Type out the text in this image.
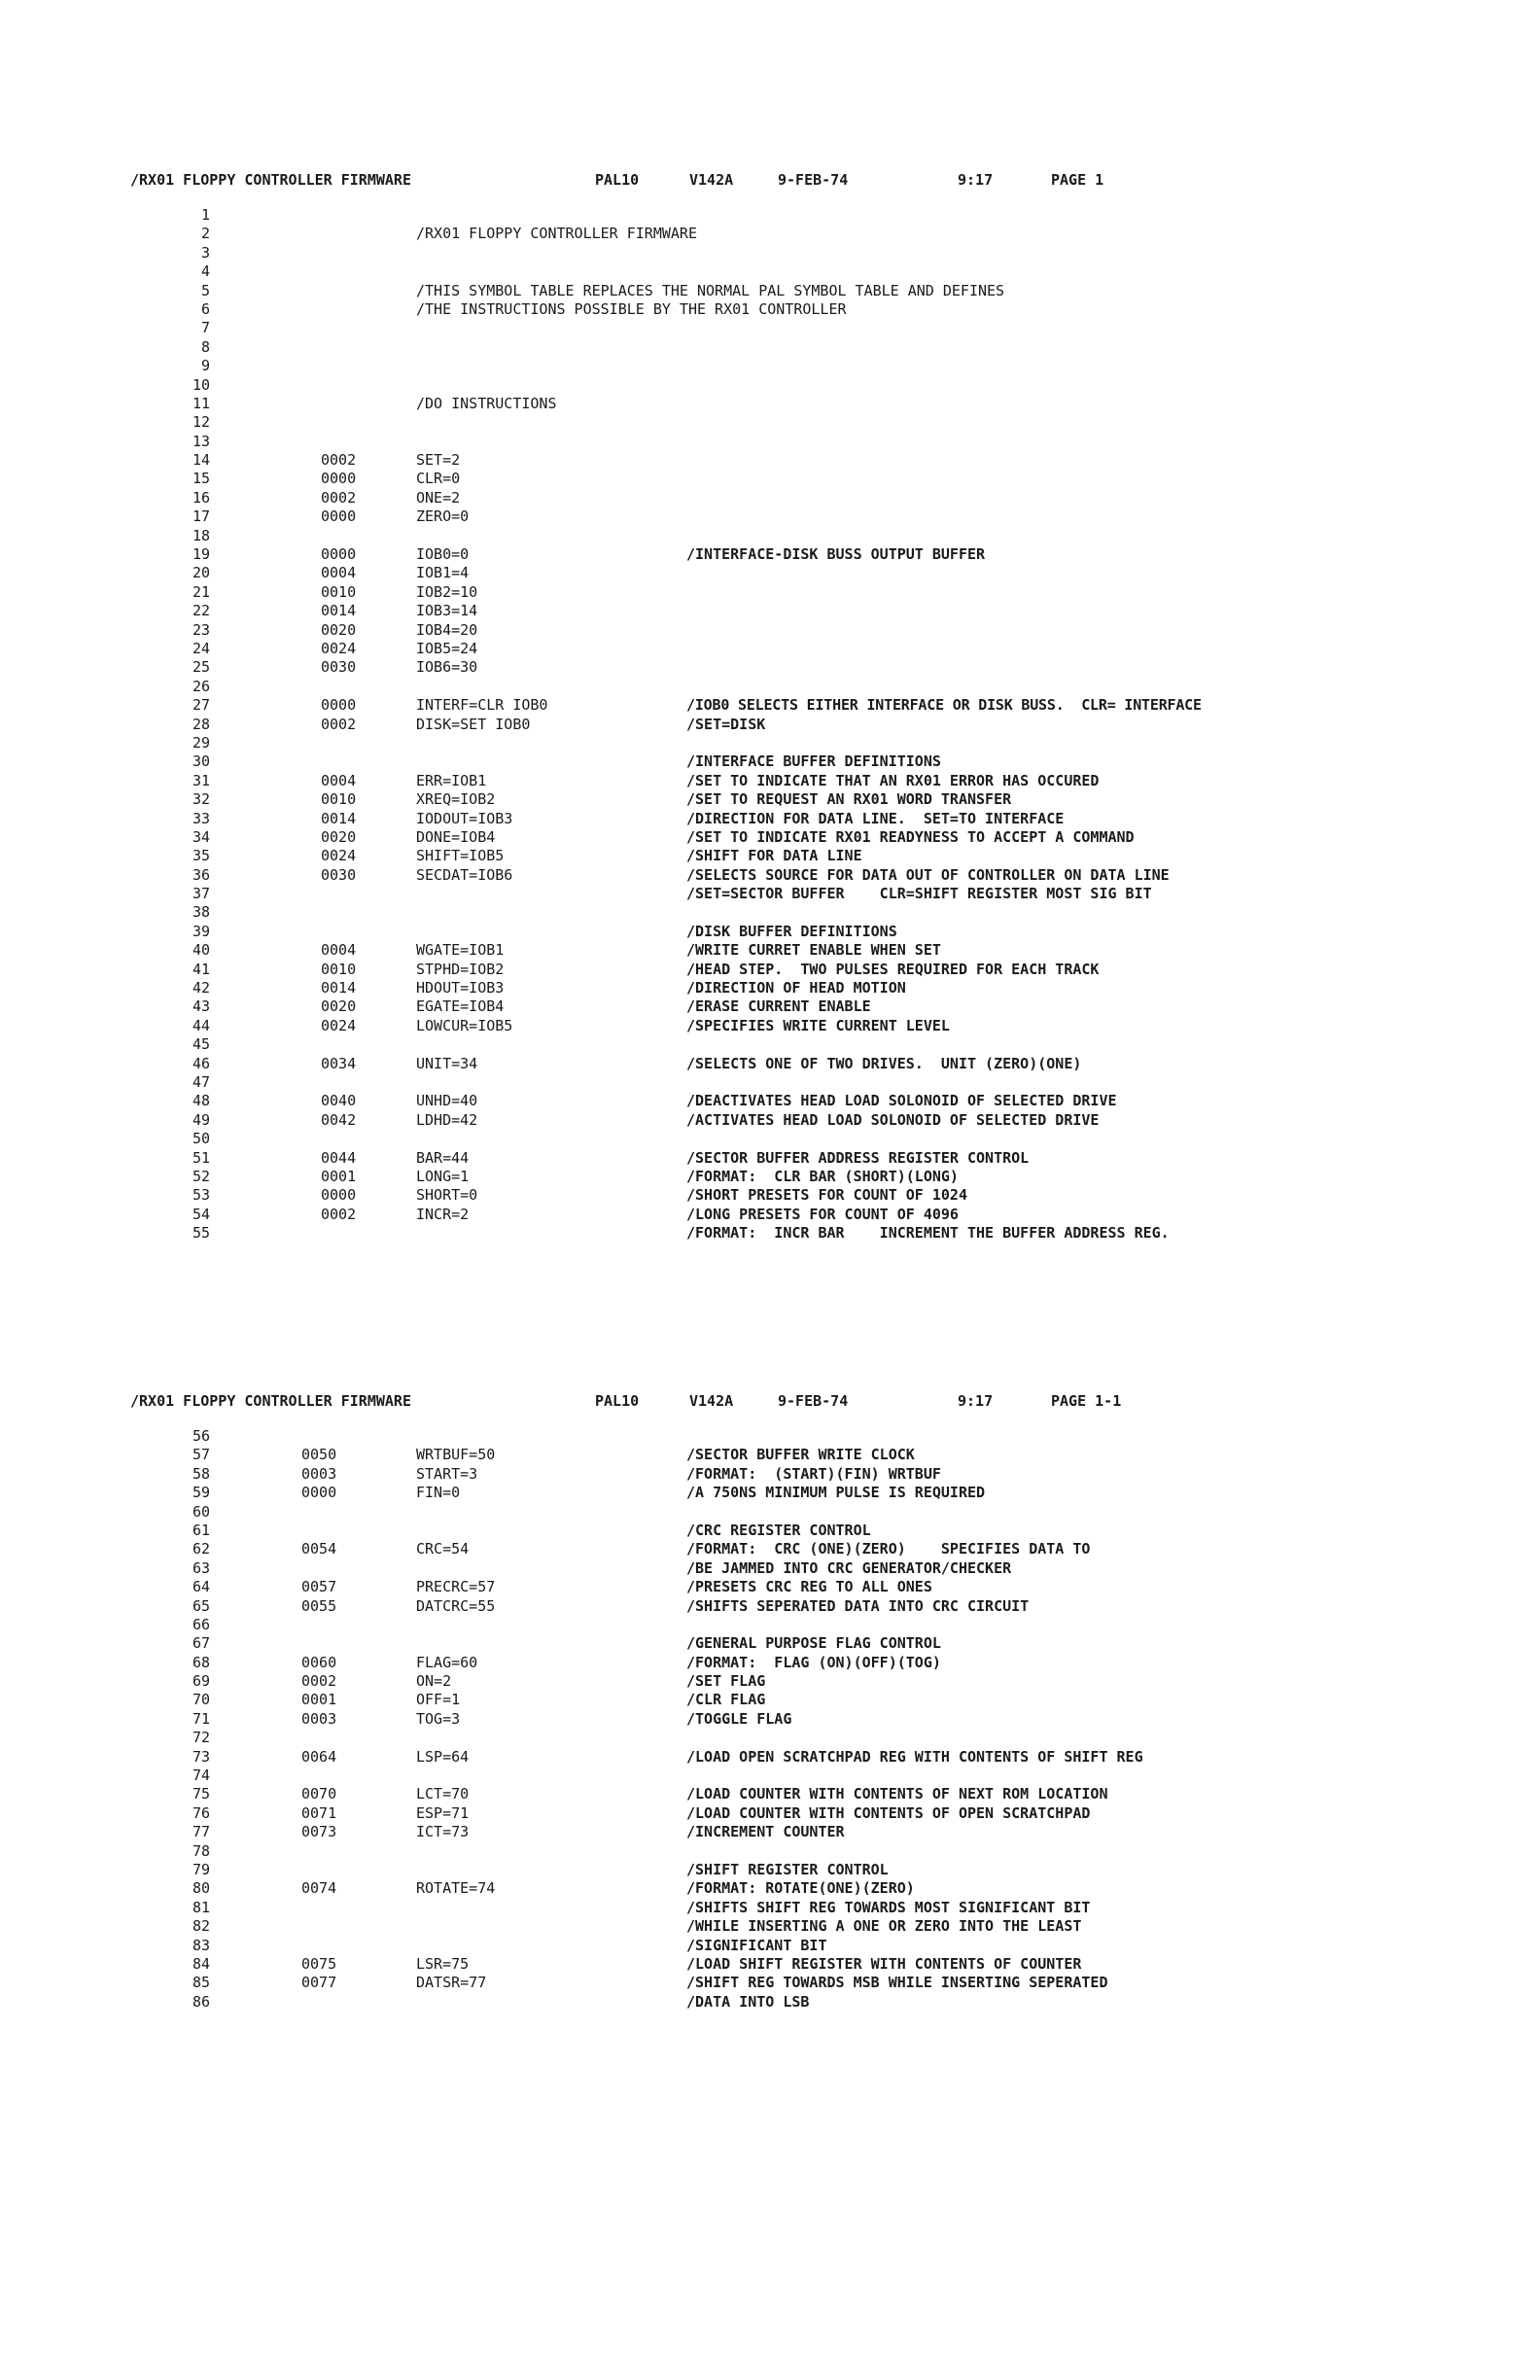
/RX01 FLOPPY CONTROLLER FIRMWARE

	PAL10

	V142A

	9-FEB-74

	9:17

	PAGE 1

1
2	/RX01 FLOPPY CONTROLLER FIRMWARE
3
4
5	/THIS SYMBOL TABLE REPLACES THE NORMAL PAL SYMBOL TABLE AND DEFINES
6	/THE INSTRUCTIONS POSSIBLE BY THE RX01 CONTROLLER
7
8
9
10
11	/DO INSTRUCTIONS
12
13
14	0002	SET=2
15	0000	CLR=0
16	0002	ONE=2
17	0000	ZERO=0
18
19	0000	IOB0=0	/INTERFACE-DISK BUSS OUTPUT BUFFER
20	0004	IOB1=4
21	0010	IOB2=10
22	0014	IOB3=14
23	0020	IOB4=20
24	0024	IOB5=24
25	0030	IOB6=30
26
27	0000	INTERF=CLR IOB0	/IOB0 SELECTS EITHER INTERFACE OR DISK BUSS.  CLR= INTERFACE
28	0002	DISK=SET IOB0	/SET=DISK
29
30	/INTERFACE BUFFER DEFINITIONS
31	0004	ERR=IOB1	/SET TO INDICATE THAT AN RX01 ERROR HAS OCCURED
32	0010	XREQ=IOB2	/SET TO REQUEST AN RX01 WORD TRANSFER
33	0014	IODOUT=IOB3	/DIRECTION FOR DATA LINE.  SET=TO INTERFACE
34	0020	DONE=IOB4	/SET TO INDICATE RX01 READYNESS TO ACCEPT A COMMAND
35	0024	SHIFT=IOB5	/SHIFT FOR DATA LINE
36	0030	SECDAT=IOB6	/SELECTS SOURCE FOR DATA OUT OF CONTROLLER ON DATA LINE
37	/SET=SECTOR BUFFER    CLR=SHIFT REGISTER MOST SIG BIT
38
39	/DISK BUFFER DEFINITIONS
40	0004	WGATE=IOB1	/WRITE CURRET ENABLE WHEN SET
41	0010	STPHD=IOB2	/HEAD STEP.  TWO PULSES REQUIRED FOR EACH TRACK
42	0014	HDOUT=IOB3	/DIRECTION OF HEAD MOTION
43	0020	EGATE=IOB4	/ERASE CURRENT ENABLE
44	0024	LOWCUR=IOB5	/SPECIFIES WRITE CURRENT LEVEL
45
46	0034	UNIT=34	/SELECTS ONE OF TWO DRIVES.  UNIT (ZERO)(ONE)
47
48	0040	UNHD=40	/DEACTIVATES HEAD LOAD SOLONOID OF SELECTED DRIVE
49	0042	LDHD=42	/ACTIVATES HEAD LOAD SOLONOID OF SELECTED DRIVE
50
51	0044	BAR=44	/SECTOR BUFFER ADDRESS REGISTER CONTROL
52	0001	LONG=1	/FORMAT:  CLR BAR (SHORT)(LONG)
53	0000	SHORT=0	/SHORT PRESETS FOR COUNT OF 1024
54	0002	INCR=2	/LONG PRESETS FOR COUNT OF 4096
55	/FORMAT:  INCR BAR    INCREMENT THE BUFFER ADDRESS REG.

/RX01 FLOPPY CONTROLLER FIRMWARE

	PAL10

	V142A

	9-FEB-74

	9:17

	PAGE 1-1

56
57	0050	WRTBUF=50	/SECTOR BUFFER WRITE CLOCK
58	0003	START=3	/FORMAT:  (START)(FIN) WRTBUF
59	0000	FIN=0	/A 750NS MINIMUM PULSE IS REQUIRED
60
61	/CRC REGISTER CONTROL
62	0054	CRC=54	/FORMAT:  CRC (ONE)(ZERO)    SPECIFIES DATA TO
63	/BE JAMMED INTO CRC GENERATOR/CHECKER
64	0057	PRECRC=57	/PRESETS CRC REG TO ALL ONES
65	0055	DATCRC=55	/SHIFTS SEPERATED DATA INTO CRC CIRCUIT
66
67	/GENERAL PURPOSE FLAG CONTROL
68	0060	FLAG=60	/FORMAT:  FLAG (ON)(OFF)(TOG)
69	0002	ON=2	/SET FLAG
70	0001	OFF=1	/CLR FLAG
71	0003	TOG=3	/TOGGLE FLAG
72
73	0064	LSP=64	/LOAD OPEN SCRATCHPAD REG WITH CONTENTS OF SHIFT REG
74
75	0070	LCT=70	/LOAD COUNTER WITH CONTENTS OF NEXT ROM LOCATION
76	0071	ESP=71	/LOAD COUNTER WITH CONTENTS OF OPEN SCRATCHPAD
77	0073	ICT=73	/INCREMENT COUNTER
78
79	/SHIFT REGISTER CONTROL
80	0074	ROTATE=74	/FORMAT: ROTATE(ONE)(ZERO)
81	/SHIFTS SHIFT REG TOWARDS MOST SIGNIFICANT BIT
82	/WHILE INSERTING A ONE OR ZERO INTO THE LEAST
83	/SIGNIFICANT BIT
84	0075	LSR=75	/LOAD SHIFT REGISTER WITH CONTENTS OF COUNTER
85	0077	DATSR=77	/SHIFT REG TOWARDS MSB WHILE INSERTING SEPERATED
86	/DATA INTO LSB
